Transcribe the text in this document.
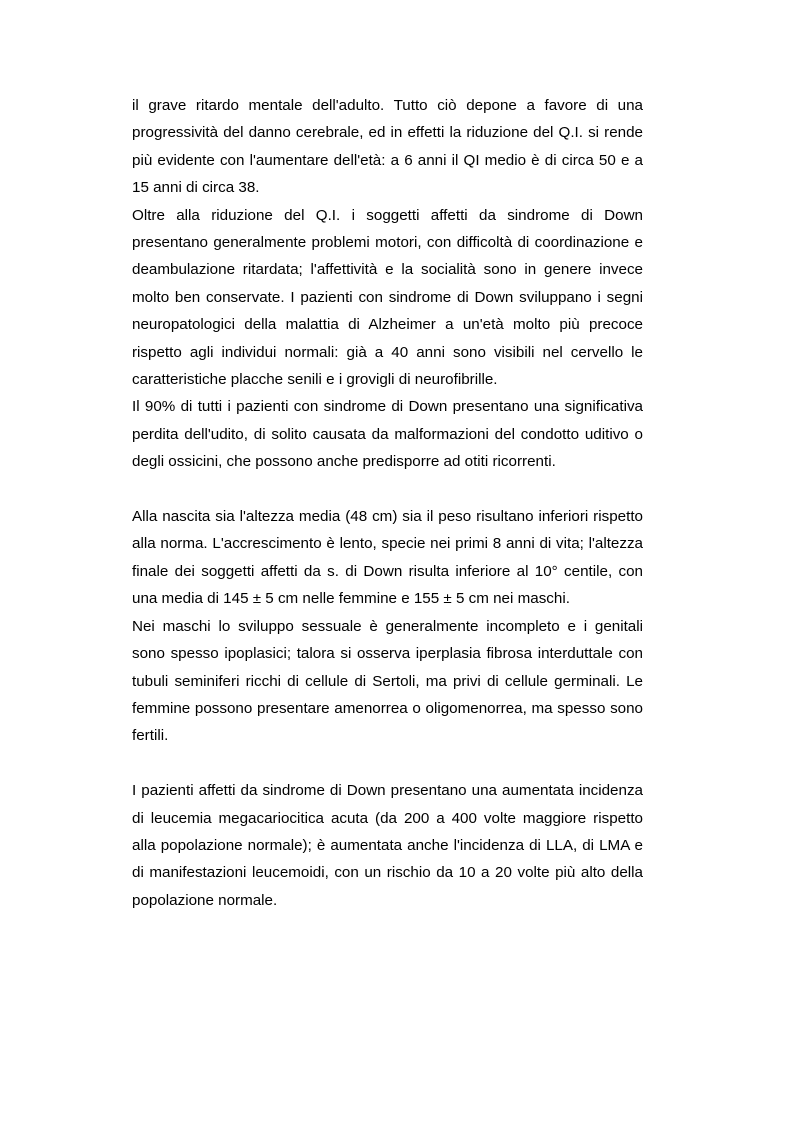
il grave ritardo mentale dell'adulto. Tutto ciò depone a favore di una progressività del danno cerebrale, ed in effetti la riduzione del Q.I. si rende più evidente con l'aumentare dell'età: a 6 anni il QI medio è di circa 50 e a 15 anni di circa 38.

Oltre alla riduzione del Q.I. i soggetti affetti da sindrome di Down presentano generalmente problemi motori, con difficoltà di coordinazione e deambulazione ritardata; l'affettività e la socialità sono in genere invece molto ben conservate. I pazienti con sindrome di Down sviluppano i segni neuropatologici della malattia di Alzheimer a un'età molto più precoce rispetto agli individui normali: già a 40 anni sono visibili nel cervello le caratteristiche placche senili e i grovigli di neurofibrille.

Il 90% di tutti i pazienti con sindrome di Down presentano una significativa perdita dell'udito, di solito causata da malformazioni del condotto uditivo o degli ossicini, che possono anche predisporre ad otiti ricorrenti.

Alla nascita sia l'altezza media (48 cm) sia il peso risultano inferiori rispetto alla norma. L'accrescimento è lento, specie nei primi 8 anni di vita; l'altezza finale dei soggetti affetti da s. di Down risulta inferiore al 10° centile, con una media di 145 ± 5 cm nelle femmine e 155 ± 5 cm nei maschi.

Nei maschi lo sviluppo sessuale è generalmente incompleto e i genitali sono spesso ipoplasici; talora si osserva iperplasia fibrosa interduttale con tubuli seminiferi ricchi di cellule di Sertoli, ma privi di cellule germinali. Le femmine possono presentare amenorrea o oligomenorrea, ma spesso sono fertili.

I pazienti affetti da sindrome di Down presentano una aumentata incidenza di leucemia megacariocitica acuta (da 200 a 400 volte maggiore rispetto alla popolazione normale); è aumentata anche l'incidenza di LLA, di LMA e di manifestazioni leucemoidi, con un rischio da 10 a 20 volte più alto della popolazione normale.
